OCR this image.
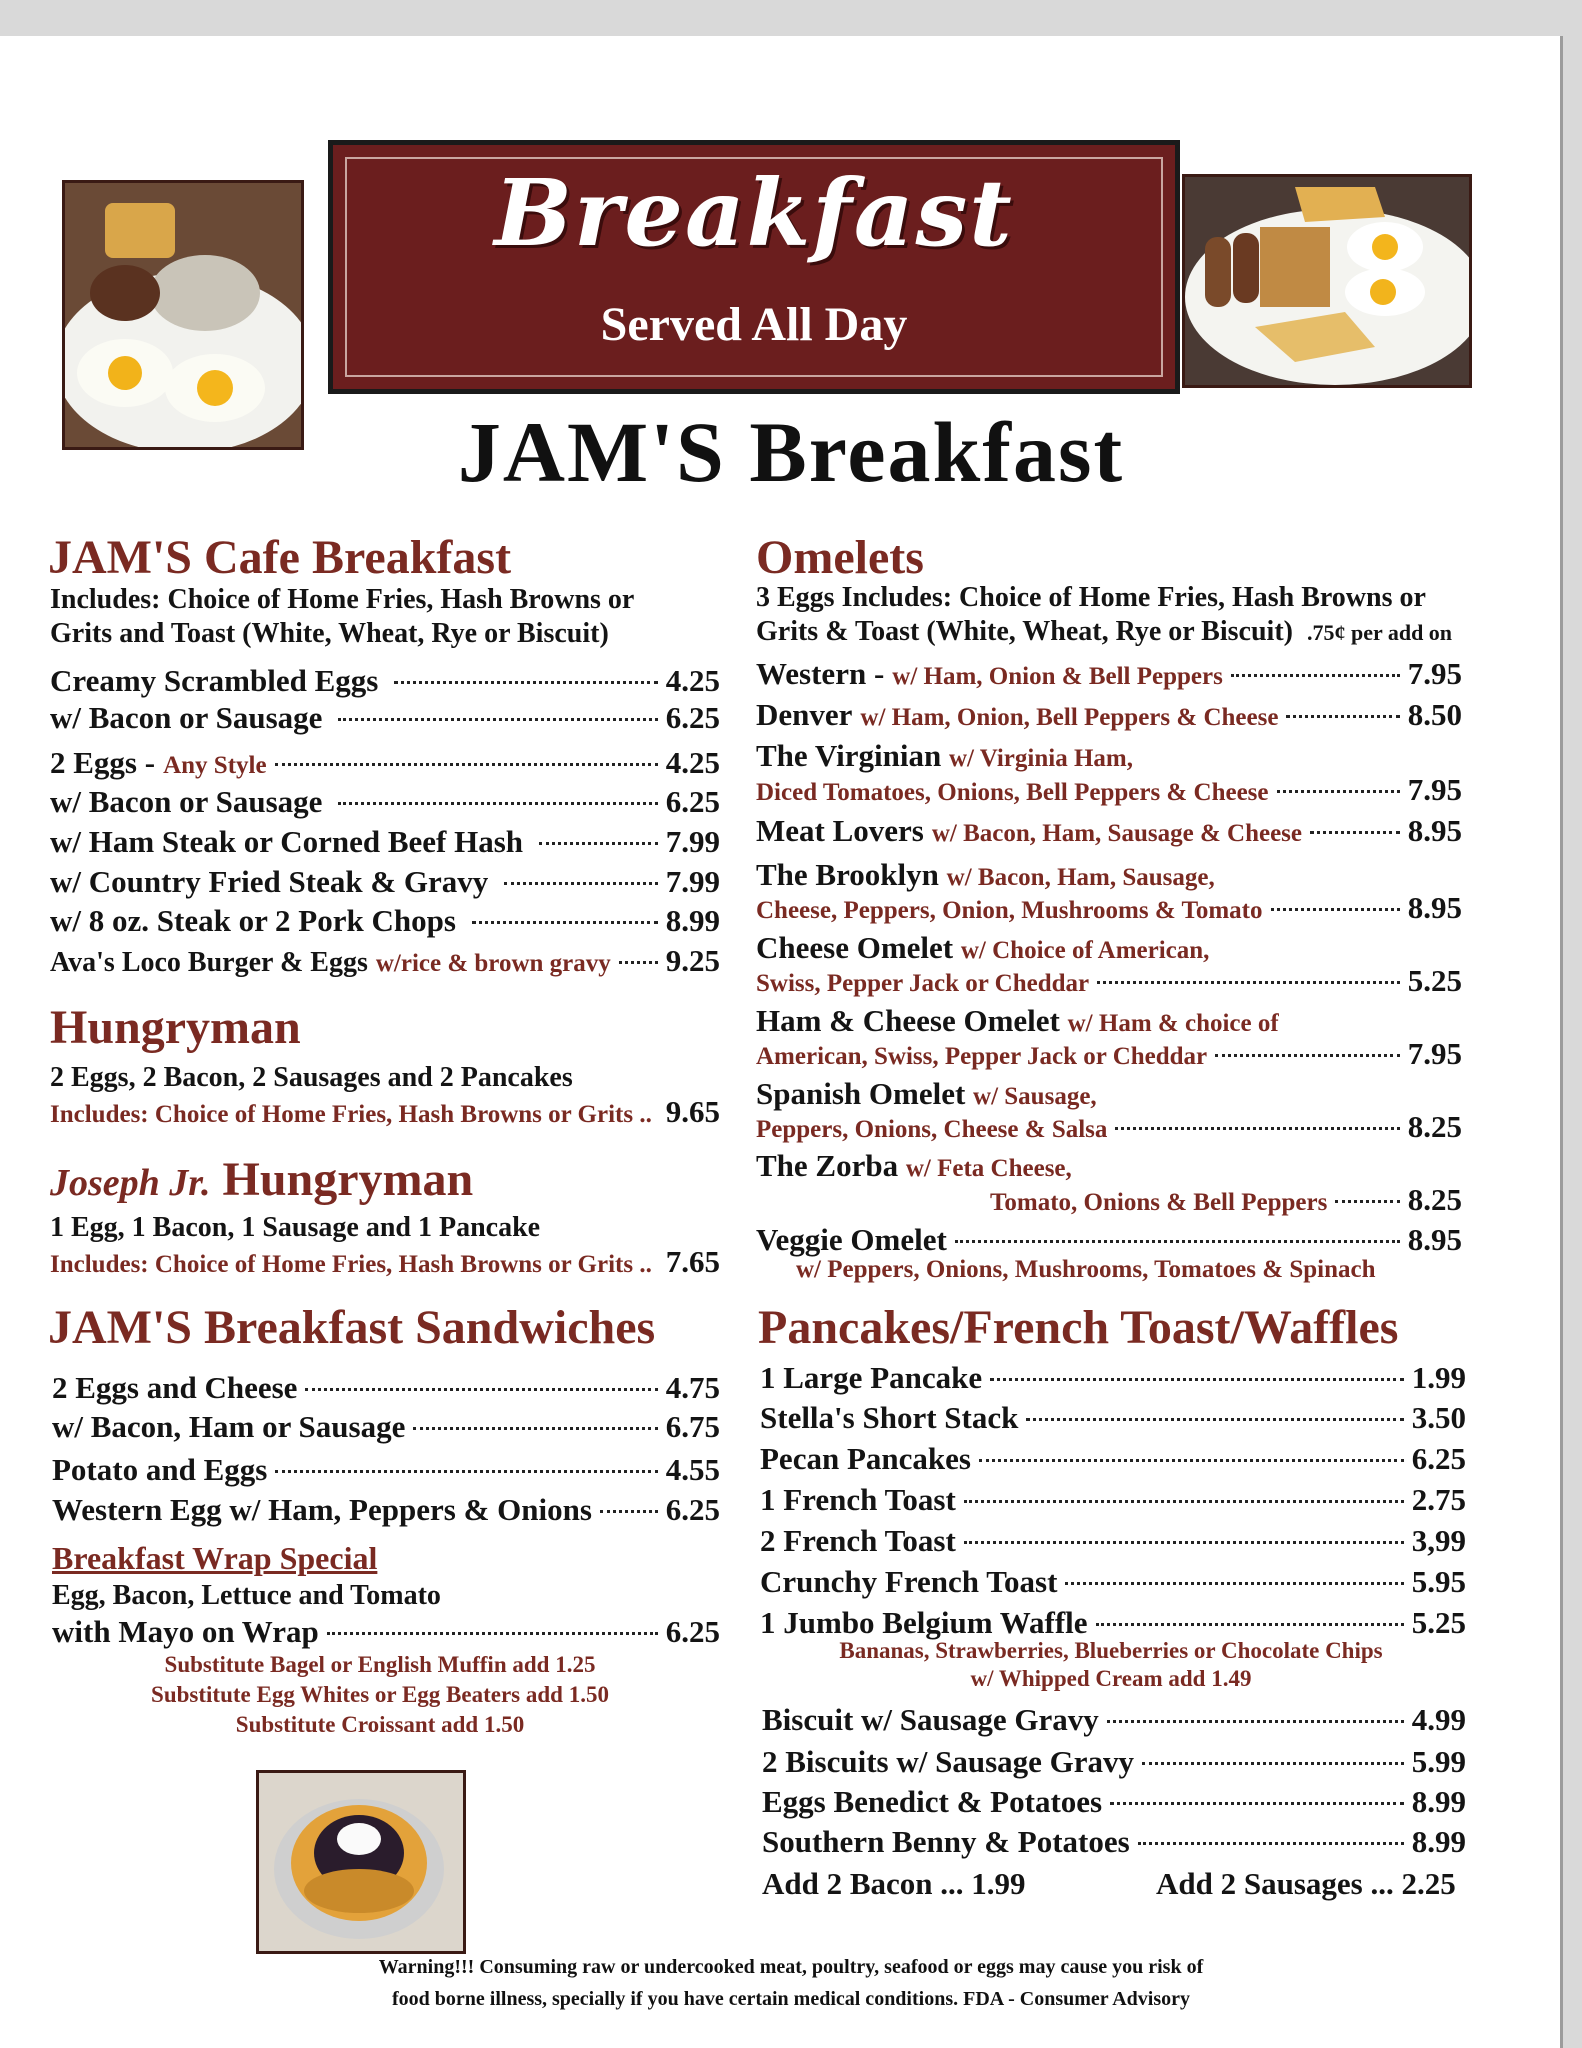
Breakfast
Served All Day
JAM'S Breakfast
JAM'S Cafe Breakfast
Includes: Choice of Home Fries, Hash Browns or
Grits and Toast (White, Wheat, Rye or Biscuit)
Creamy Scrambled Eggs	4.25
w/ Bacon or Sausage	6.25
2 Eggs - Any Style	4.25
w/ Bacon or Sausage	6.25
w/ Ham Steak or Corned Beef Hash	7.99
w/ Country Fried Steak & Gravy	7.99
w/ 8 oz. Steak or 2 Pork Chops	8.99
Ava's Loco Burger & Eggs w/rice & brown gravy 9.25
Hungryman
2 Eggs, 2 Bacon, 2 Sausages and 2 Pancakes
Includes: Choice of Home Fries, Hash Browns or Grits .. 9.65
Joseph Jr. Hungryman
1 Egg, 1 Bacon, 1 Sausage and 1 Pancake
Includes: Choice of Home Fries, Hash Browns or Grits .. 7.65
JAM'S Breakfast Sandwiches
2 Eggs and Cheese	4.75
w/ Bacon, Ham or Sausage	6.75
Potato and Eggs	4.55
Western Egg w/ Ham, Peppers & Onions 6.25
Breakfast Wrap Special
Egg, Bacon, Lettuce and Tomato
with Mayo on Wrap	6.25
Substitute Bagel or English Muffin add 1.25
Substitute Egg Whites or Egg Beaters add 1.50
Substitute Croissant add 1.50
Omelets
3 Eggs Includes: Choice of Home Fries, Hash Browns or
Grits & Toast (White, Wheat, Rye or Biscuit) .75¢ per add on
Western - w/ Ham, Onion & Bell Peppers	7.95
Denver w/ Ham, Onion, Bell Peppers & Cheese	8.50
The Virginian w/ Virginia Ham,
Diced Tomatoes, Onions, Bell Peppers & Cheese	7.95
Meat Lovers w/ Bacon, Ham, Sausage & Cheese	8.95
The Brooklyn w/ Bacon, Ham, Sausage,
Cheese, Peppers, Onion, Mushrooms & Tomato	8.95
Cheese Omelet w/ Choice of American,
Swiss, Pepper Jack or Cheddar	5.25
Ham & Cheese Omelet w/ Ham & choice of
American, Swiss, Pepper Jack or Cheddar	7.95
Spanish Omelet w/ Sausage,
Peppers, Onions, Cheese & Salsa	8.25
The Zorba w/ Feta Cheese,
Tomato, Onions & Bell Peppers	8.25
Veggie Omelet	8.95
w/ Peppers, Onions, Mushrooms, Tomatoes & Spinach
Pancakes/French Toast/Waffles
1 Large Pancake	1.99
Stella's Short Stack	3.50
Pecan Pancakes	6.25
1 French Toast	2.75
2 French Toast	3,99
Crunchy French Toast	5.95
1 Jumbo Belgium Waffle	5.25
Bananas, Strawberries, Blueberries or Chocolate Chips
w/ Whipped Cream add 1.49
Biscuit w/ Sausage Gravy	4.99
2 Biscuits w/ Sausage Gravy	5.99
Eggs Benedict & Potatoes	8.99
Southern Benny & Potatoes	8.99
Add 2 Bacon ... 1.99	Add 2 Sausages ... 2.25
Warning!!! Consuming raw or undercooked meat, poultry, seafood or eggs may cause you risk of
food borne illness, specially if you have certain medical conditions. FDA - Consumer Advisory
